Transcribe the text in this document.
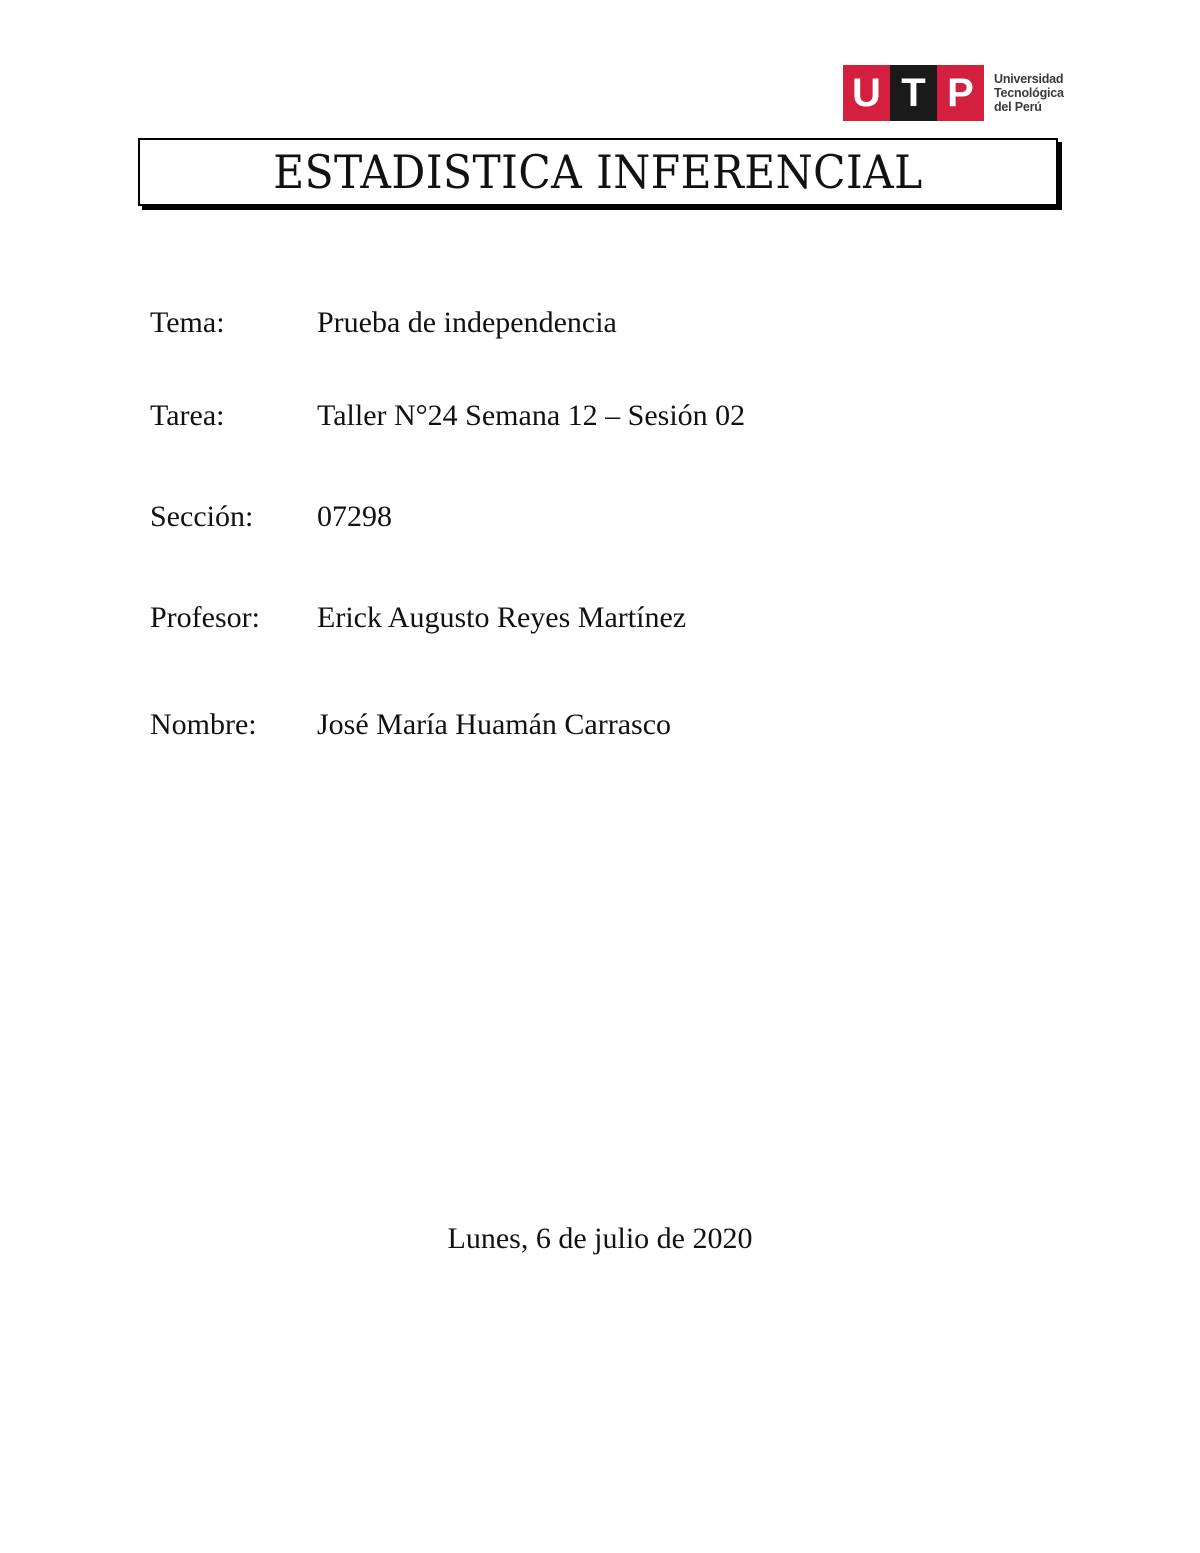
U T P	Universidad
Tecnológica
del Perú
ESTADISTICA INFERENCIAL
Tema:	Prueba de independencia
Tarea:	Taller N°24 Semana 12 – Sesión 02
Sección:	07298
Profesor:	Erick Augusto Reyes Martínez
Nombre:	José María Huamán Carrasco
Lunes, 6 de julio de 2020
